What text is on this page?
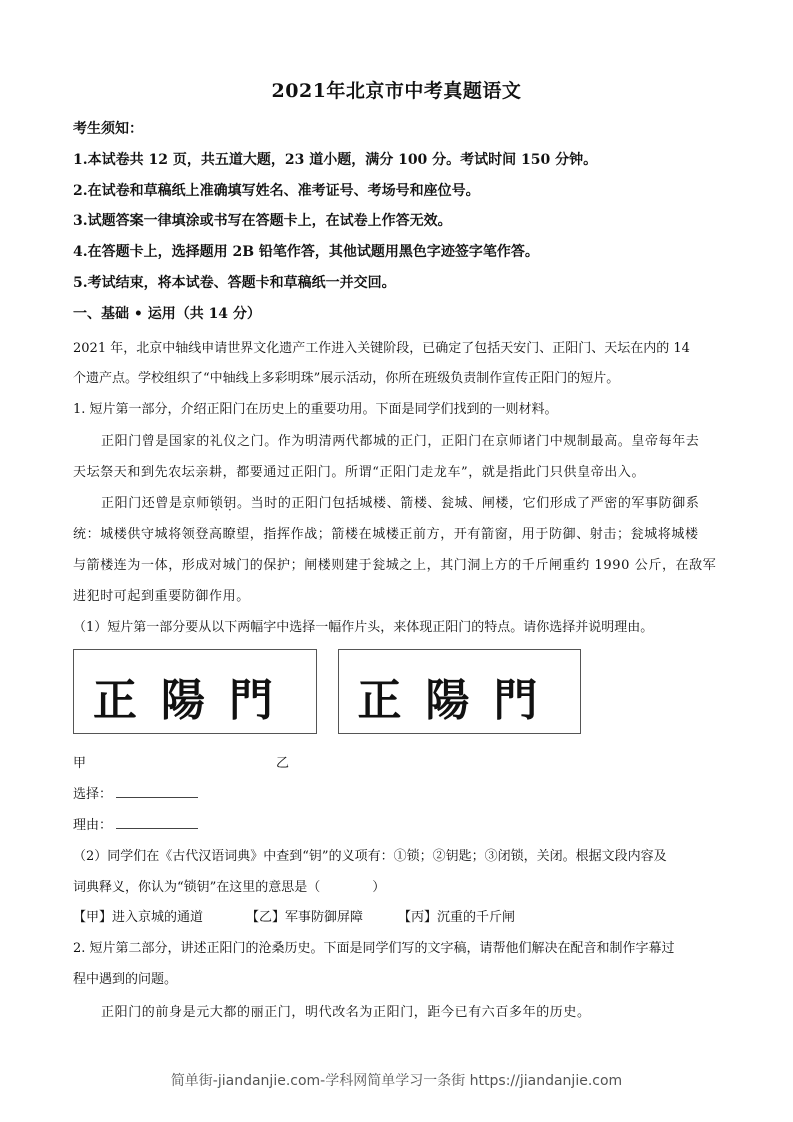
2021年北京市中考真题语文
考生须知：
1.本试卷共 12 页，共五道大题，23 道小题，满分 100 分。考试时间 150 分钟。
2.在试卷和草稿纸上准确填写姓名、准考证号、考场号和座位号。
3.试题答案一律填涂或书写在答题卡上，在试卷上作答无效。
4.在答题卡上，选择题用 2B 铅笔作答，其他试题用黑色字迹签字笔作答。
5.考试结束，将本试卷、答题卡和草稿纸一并交回。
一、基础 • 运用（共 14 分）
2021 年，北京中轴线申请世界文化遗产工作进入关键阶段，已确定了包括天安门、正阳门、天坛在内的 14
个遗产点。学校组织了“中轴线上多彩明珠”展示活动，你所在班级负责制作宣传正阳门的短片。
1. 短片第一部分，介绍正阳门在历史上的重要功用。下面是同学们找到的一则材料。
正阳门曾是国家的礼仪之门。作为明清两代都城的正门，正阳门在京师诸门中规制最高。皇帝每年去
天坛祭天和到先农坛亲耕，都要通过正阳门。所谓“正阳门走龙车”，就是指此门只供皇帝出入。
正阳门还曾是京师锁钥。当时的正阳门包括城楼、箭楼、瓮城、闸楼，它们形成了严密的军事防御系
统：城楼供守城将领登高瞭望，指挥作战；箭楼在城楼正前方，开有箭窗，用于防御、射击；瓮城将城楼
与箭楼连为一体，形成对城门的保护；闸楼则建于瓮城之上，其门洞上方的千斤闸重约 1990 公斤，在敌军
进犯时可起到重要防御作用。
（1）短片第一部分要从以下两幅字中选择一幅作片头，来体现正阳门的特点。请你选择并说明理由。
正陽門	正陽門
甲	乙
选择：
理由：
（2）同学们在《古代汉语词典》中查到“钥”的义项有：①锁；②钥匙；③闭锁，关闭。根据文段内容及
词典释义，你认为“锁钥”在这里的意思是（　　　　）
【甲】进入京城的通道	【乙】军事防御屏障	【丙】沉重的千斤闸
2. 短片第二部分，讲述正阳门的沧桑历史。下面是同学们写的文字稿，请帮他们解决在配音和制作字幕过
程中遇到的问题。
正阳门的前身是元大都的丽正门，明代改名为正阳门，距今已有六百多年的历史。
简单街-jiandanjie.com-学科网简单学习一条街 https://jiandanjie.com
